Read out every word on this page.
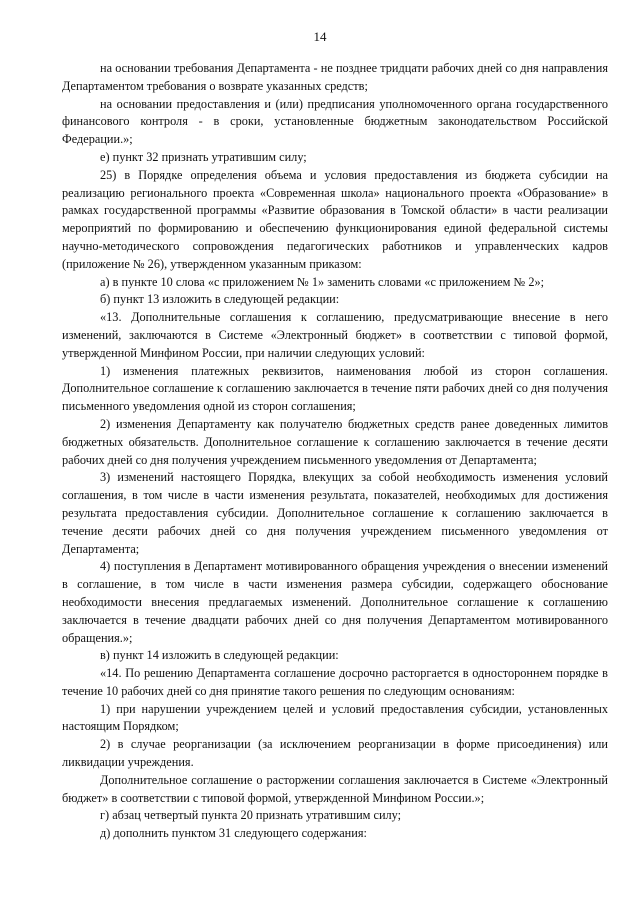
14

на основании требования Департамента - не позднее тридцати рабочих дней со дня направления Департаментом требования о возврате указанных средств;

на основании предоставления и (или) предписания уполномоченного органа государственного финансового контроля - в сроки, установленные бюджетным законодательством Российской Федерации.»;

е) пункт 32 признать утратившим силу;

25) в Порядке определения объема и условия предоставления из бюджета субсидии на реализацию регионального проекта «Современная школа» национального проекта «Образование» в рамках государственной программы «Развитие образования в Томской области» в части реализации мероприятий по формированию и обеспечению функционирования единой федеральной системы научно-методического сопровождения педагогических работников и управленческих кадров (приложение № 26), утвержденном указанным приказом:

а) в пункте 10 слова «с приложением № 1» заменить словами «с приложением № 2»;

б) пункт 13 изложить в следующей редакции:

«13. Дополнительные соглашения к соглашению, предусматривающие внесение в него изменений, заключаются в Системе «Электронный бюджет» в соответствии с типовой формой, утвержденной Минфином России, при наличии следующих условий:

1) изменения платежных реквизитов, наименования любой из сторон соглашения. Дополнительное соглашение к соглашению заключается в течение пяти рабочих дней со дня получения письменного уведомления одной из сторон соглашения;

2) изменения Департаменту как получателю бюджетных средств ранее доведенных лимитов бюджетных обязательств. Дополнительное соглашение к соглашению заключается в течение десяти рабочих дней со дня получения учреждением письменного уведомления от Департамента;

3) изменений настоящего Порядка, влекущих за собой необходимость изменения условий соглашения, в том числе в части изменения результата, показателей, необходимых для достижения результата предоставления субсидии. Дополнительное соглашение к соглашению заключается в течение десяти рабочих дней со дня получения учреждением письменного уведомления от Департамента;

4) поступления в Департамент мотивированного обращения учреждения о внесении изменений в соглашение, в том числе в части изменения размера субсидии, содержащего обоснование необходимости внесения предлагаемых изменений. Дополнительное соглашение к соглашению заключается в течение двадцати рабочих дней со дня получения Департаментом мотивированного обращения.»;

в) пункт 14 изложить в следующей редакции:

«14. По решению Департамента соглашение досрочно расторгается в одностороннем порядке в течение 10 рабочих дней со дня принятие такого решения по следующим основаниям:

1) при нарушении учреждением целей и условий предоставления субсидии, установленных настоящим Порядком;

2) в случае реорганизации (за исключением реорганизации в форме присоединения) или ликвидации учреждения.

Дополнительное соглашение о расторжении соглашения заключается в Системе «Электронный бюджет» в соответствии с типовой формой, утвержденной Минфином России.»;

г) абзац четвертый пункта 20 признать утратившим силу;

д) дополнить пунктом 31 следующего содержания:
